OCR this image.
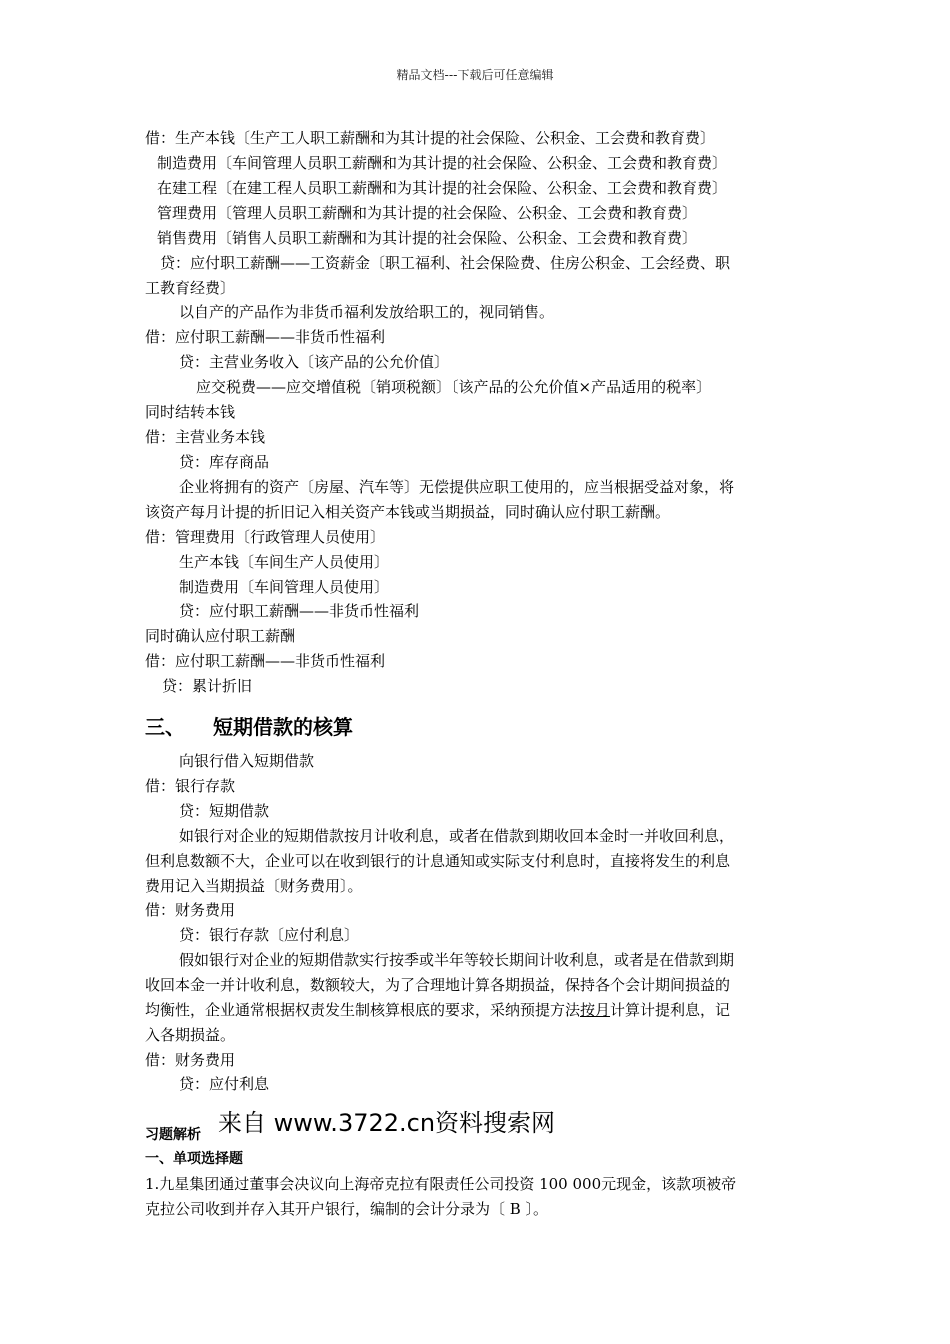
精品文档---下载后可任意编辑
借：生产本钱〔生产工人职工薪酬和为其计提的社会保险、公积金、工会费和教育费〕
制造费用〔车间管理人员职工薪酬和为其计提的社会保险、公积金、工会费和教育费〕
在建工程〔在建工程人员职工薪酬和为其计提的社会保险、公积金、工会费和教育费〕
管理费用〔管理人员职工薪酬和为其计提的社会保险、公积金、工会费和教育费〕
销售费用〔销售人员职工薪酬和为其计提的社会保险、公积金、工会费和教育费〕
贷：应付职工薪酬——工资薪金〔职工福利、社会保险费、住房公积金、工会经费、职
工教育经费〕
以自产的产品作为非货币福利发放给职工的，视同销售。
借：应付职工薪酬——非货币性福利
贷：主营业务收入〔该产品的公允价值〕
应交税费——应交增值税〔销项税额〕〔该产品的公允价值×产品适用的税率〕
同时结转本钱
借：主营业务本钱
贷：库存商品
企业将拥有的资产〔房屋、汽车等〕无偿提供应职工使用的，应当根据受益对象，将
该资产每月计提的折旧记入相关资产本钱或当期损益，同时确认应付职工薪酬。
借：管理费用〔行政管理人员使用〕
生产本钱〔车间生产人员使用〕
制造费用〔车间管理人员使用〕
贷：应付职工薪酬——非货币性福利
同时确认应付职工薪酬
借：应付职工薪酬——非货币性福利
贷：累计折旧
三、 短期借款的核算
向银行借入短期借款
借：银行存款
贷：短期借款
如银行对企业的短期借款按月计收利息，或者在借款到期收回本金时一并收回利息，
但利息数额不大，企业可以在收到银行的计息通知或实际支付利息时，直接将发生的利息
费用记入当期损益〔财务费用〕。
借：财务费用
贷：银行存款〔应付利息〕
假如银行对企业的短期借款实行按季或半年等较长期间计收利息，或者是在借款到期
收回本金一并计收利息，数额较大，为了合理地计算各期损益，保持各个会计期间损益的
均衡性，企业通常根据权责发生制核算根底的要求，采纳预提方法按月计算计提利息，记
入各期损益。
借：财务费用
贷：应付利息
习题解析 来自 www.3722.cn资料搜索网
一、单项选择题
1.九星集团通过董事会决议向上海帝克拉有限责任公司投资 100 000元现金，该款项被帝
克拉公司收到并存入其开户银行，编制的会计分录为〔 B 〕。
